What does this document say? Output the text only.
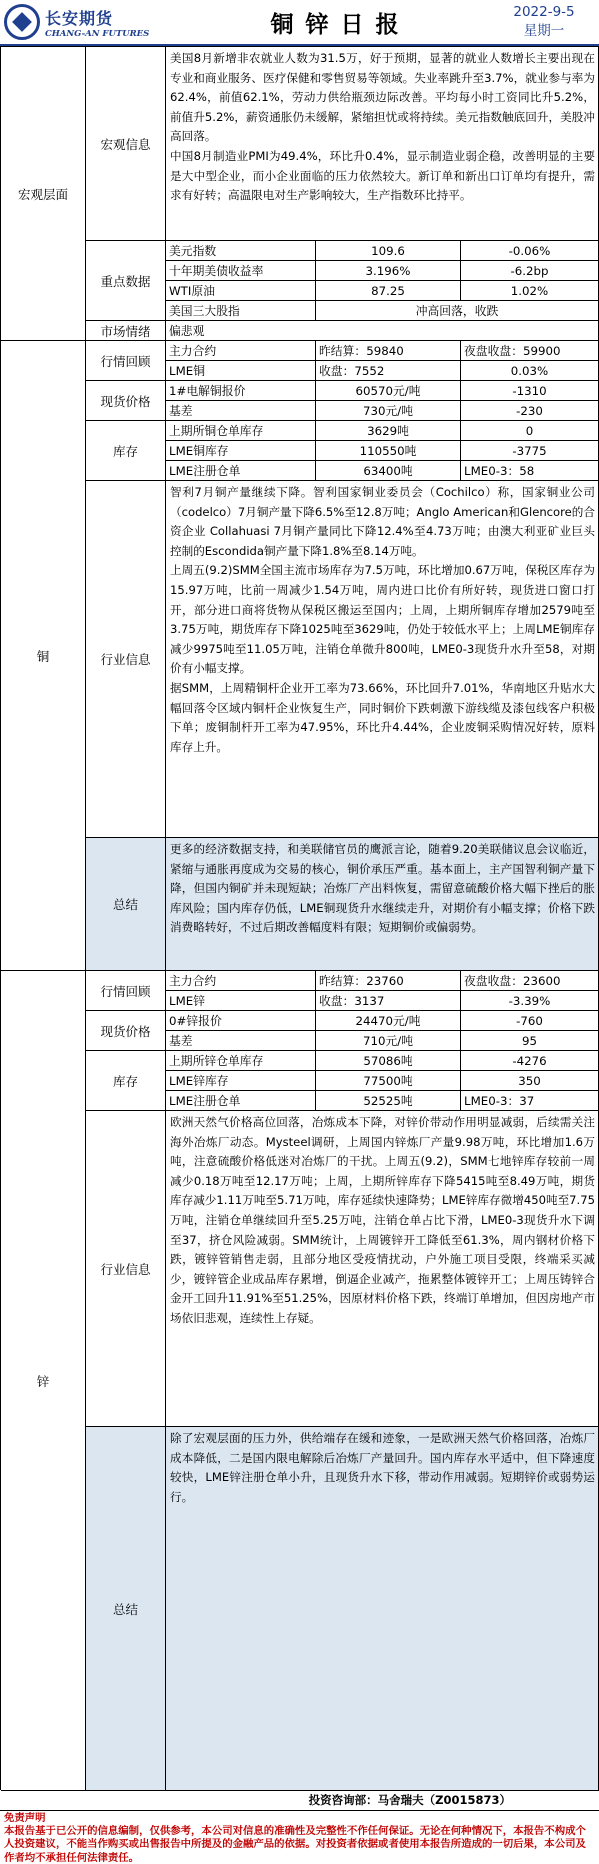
长安期货
CHANG-AN FUTURES	铜锌日报	2022-9-5
星期一
宏观层面
宏观信息

美国8月新增非农就业人数为31.5万，好于预期，显著的就业人数增长主要出现在专业和商业服务、医疗保健和零售贸易等领域。失业率跳升至3.7%，就业参与率为62.4%，前值62.1%，劳动力供给瓶颈边际改善。平均每小时工资同比升5.2%，前值升5.2%，薪资通胀仍未缓解，紧缩担忧或将持续。美元指数触底回升，美股冲高回落。

中国8月制造业PMI为49.4%，环比升0.4%，显示制造业弱企稳，改善明显的主要是大中型企业，而小企业面临的压力依然较大。新订单和新出口订单均有提升，需求有好转；高温限电对生产影响较大，生产指数环比持平。

重点数据
美元指数	109.6	-0.06%
十年期美债收益率	3.196%	-6.2bp
WTI原油	87.25	1.02%
美国三大股指	冲高回落，收跌
市场情绪	偏悲观
铜
行情回顾
主力合约	昨结算：59840	夜盘收盘：59900
LME铜	收盘：7552	0.03%
现货价格
1#电解铜报价	60570元/吨	-1310
基差	730元/吨	-230
库存
上期所铜仓单库存	3629吨	0
LME铜库存	110550吨	-3775
LME注册仓单	63400吨	LME0-3：58
行业信息

智利7月铜产量继续下降。智利国家铜业委员会（Cochilco）称，国家铜业公司（codelco）7月铜产量下降6.5%至12.8万吨；Anglo American和Glencore的合资企业 Collahuasi 7月铜产量同比下降12.4%至4.73万吨；由澳大利亚矿业巨头控制的Escondida铜产量下降1.8%至8.14万吨。

上周五(9.2)SMM全国主流市场库存为7.5万吨，环比增加0.67万吨，保税区库存为15.97万吨，比前一周减少1.54万吨，周内进口比价有所好转，现货进口窗口打开，部分进口商将货物从保税区搬运至国内；上周，上期所铜库存增加2579吨至3.75万吨，期货库存下降1025吨至3629吨，仍处于较低水平上；上周LME铜库存减少9975吨至11.05万吨，注销仓单微升800吨，LME0-3现货升水升至58，对期价有小幅支撑。

据SMM，上周精铜杆企业开工率为73.66%，环比回升7.01%，华南地区升贴水大幅回落令区域内铜杆企业恢复生产，同时铜价下跌刺激下游线缆及漆包线客户积极下单；废铜制杆开工率为47.95%，环比升4.44%，企业废铜采购情况好转，原料库存上升。

总结

更多的经济数据支持，和美联储官员的鹰派言论，随着9.20美联储议息会议临近，紧缩与通胀再度成为交易的核心，铜价承压严重。基本面上，主产国智利铜产量下降，但国内铜矿并未现短缺；冶炼厂产出料恢复，需留意硫酸价格大幅下挫后的胀库风险；国内库存仍低，LME铜现货升水继续走升，对期价有小幅支撑；价格下跌消费略转好，不过后期改善幅度料有限；短期铜价或偏弱势。

锌
行情回顾
主力合约	昨结算：23760	夜盘收盘：23600
LME锌	收盘：3137	-3.39%
现货价格
0#锌报价	24470元/吨	-760
基差	710元/吨	95
库存
上期所锌仓单库存	57086吨	-4276
LME锌库存	77500吨	350
LME注册仓单	52525吨	LME0-3：37
行业信息

欧洲天然气价格高位回落，冶炼成本下降，对锌价带动作用明显减弱，后续需关注海外冶炼厂动态。Mysteel调研，上周国内锌炼厂产量9.98万吨，环比增加1.6万吨，注意硫酸价格低迷对冶炼厂的干扰。上周五(9.2)，SMM七地锌库存较前一周减少0.18万吨至12.17万吨；上周，上期所锌库存下降5415吨至8.49万吨，期货库存减少1.11万吨至5.71万吨，库存延续快速降势；LME锌库存微增450吨至7.75万吨，注销仓单继续回升至5.25万吨，注销仓单占比下滑，LME0-3现货升水下调至37，挤仓风险减弱。SMM统计，上周镀锌开工降低至61.3%，周内钢材价格下跌，镀锌管销售走弱，且部分地区受疫情扰动，户外施工项目受限，终端采买减少，镀锌管企业成品库存累增，倒逼企业减产，拖累整体镀锌开工；上周压铸锌合金开工回升11.91%至51.25%，因原材料价格下跌，终端订单增加，但因房地产市场依旧悲观，连续性上存疑。

总结

除了宏观层面的压力外，供给端存在缓和迹象，一是欧洲天然气价格回落，冶炼厂成本降低，二是国内限电解除后冶炼厂产量回升。国内库存水平适中，但下降速度较快，LME锌注册仓单小升，且现货升水下移，带动作用减弱。短期锌价或弱势运行。

投资咨询部：马舍瑞夫（Z0015873）
免责声明
本报告基于已公开的信息编制，仅供参考，本公司对信息的准确性及完整性不作任何保证。无论在何种情况下，本报告不构成个人投资建议，不能当作购买或出售报告中所提及的金融产品的依据。对投资者依据或者使用本报告所造成的一切后果，本公司及作者均不承担任何法律责任。
